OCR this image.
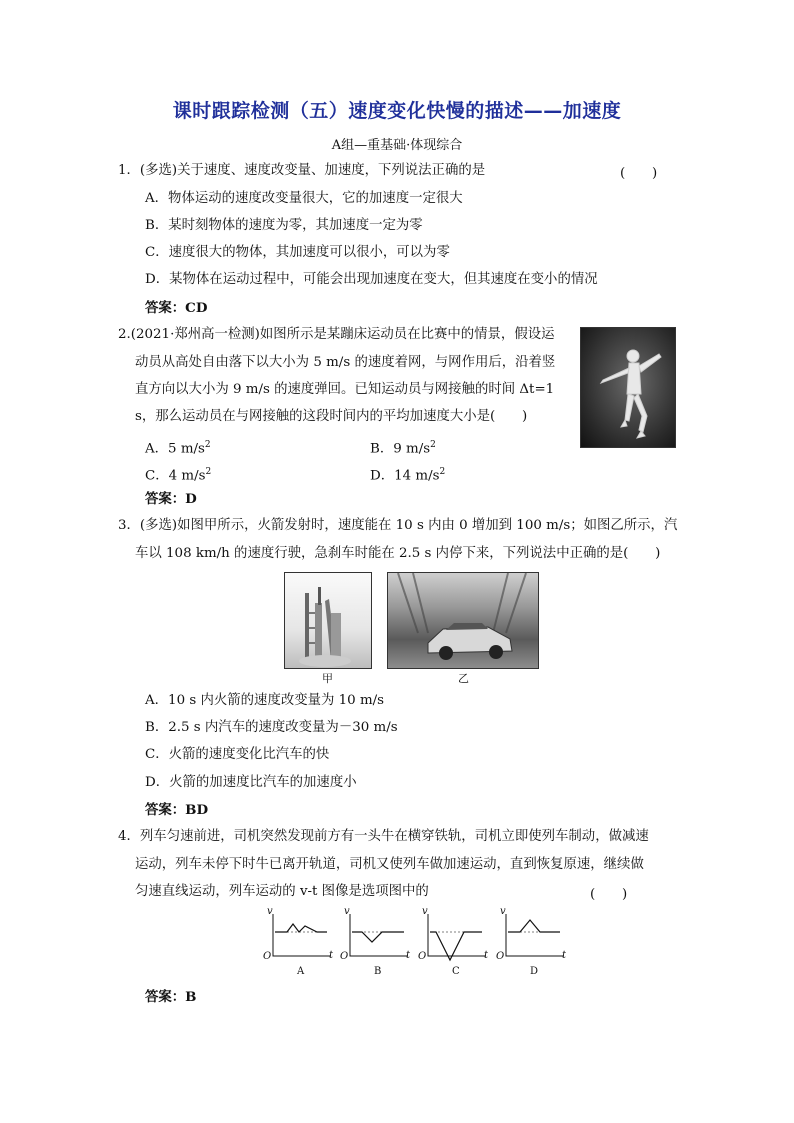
课时跟踪检测（五）速度变化快慢的描述——加速度
A组—重基础·体现综合
1．(多选)关于速度、速度改变量、加速度，下列说法正确的是	(　　)
A．物体运动的速度改变量很大，它的加速度一定很大
B．某时刻物体的速度为零，其加速度一定为零
C．速度很大的物体，其加速度可以很小，可以为零
D．某物体在运动过程中，可能会出现加速度在变大，但其速度在变小的情况
答案：CD
2.(2021·郑州高一检测)如图所示是某蹦床运动员在比赛中的情景，假设运
动员从高处自由落下以大小为 5 m/s 的速度着网，与网作用后，沿着竖
直方向以大小为 9 m/s 的速度弹回。已知运动员与网接触的时间 Δt=1
s，那么运动员在与网接触的这段时间内的平均加速度大小是(　　)
A．5 $m/s^2$	B．9 $m/s^2$
C．4 $m/s^2$	D．14 $m/s^2$
答案：D
3．(多选)如图甲所示，火箭发射时，速度能在 10 s 内由 0 增加到 100 m/s；如图乙所示，汽
车以 108 km/h 的速度行驶，急刹车时能在 2.5 s 内停下来，下列说法中正确的是(　　)
甲	乙
A．10 s 内火箭的速度改变量为 10 m/s
B．2.5 s 内汽车的速度改变量为－30 m/s
C．火箭的速度变化比汽车的快
D．火箭的加速度比汽车的加速度小
答案：BD
4．列车匀速前进，司机突然发现前方有一头牛在横穿铁轨，司机立即使列车制动，做减速
运动，列车未停下时牛已离开轨道，司机又使列车做加速运动，直到恢复原速，继续做
匀速直线运动，列车运动的 v-t 图像是选项图中的	(　　)
v
t
O
A
v
t
O
B
v
t
O
C
v
t
O
D
答案：B
